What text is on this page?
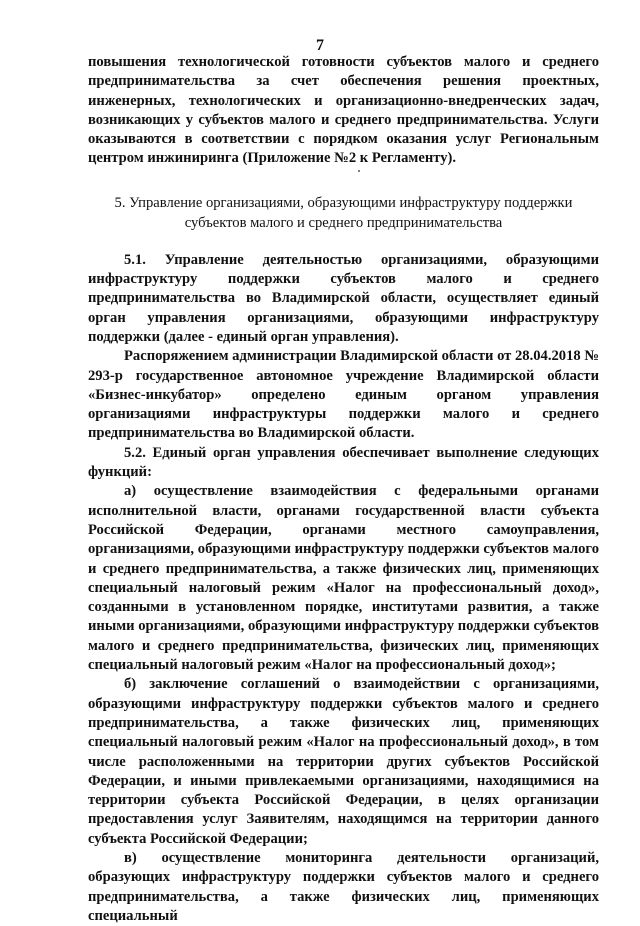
7

повышения технологической готовности субъектов малого и среднего предпринимательства за счет обеспечения решения проектных, инженерных, технологических и организационно-внедренческих задач, возникающих у субъектов малого и среднего предпринимательства. Услуги оказываются в соответствии с порядком оказания услуг Региональным центром инжиниринга (Приложение №2 к Регламенту).

5. Управление организациями, образующими инфраструктуру поддержки
субъектов малого и среднего предпринимательства

5.1. Управление деятельностью организациями, образующими инфраструктуру поддержки субъектов малого и среднего предпринимательства во Владимирской области, осуществляет единый орган управления организациями, образующими инфраструктуру поддержки (далее - единый орган управления).

Распоряжением администрации Владимирской области от 28.04.2018 № 293-р государственное автономное учреждение Владимирской области «Бизнес-инкубатор» определено единым органом управления организациями инфраструктуры поддержки малого и среднего предпринимательства во Владимирской области.

5.2. Единый орган управления обеспечивает выполнение следующих функций:

а) осуществление взаимодействия с федеральными органами исполнительной власти, органами государственной власти субъекта Российской Федерации, органами местного самоуправления, организациями, образующими инфраструктуру поддержки субъектов малого и среднего предпринимательства, а также физических лиц, применяющих специальный налоговый режим «Налог на профессиональный доход», созданными в установленном порядке, институтами развития, а также иными организациями, образующими инфраструктуру поддержки субъектов малого и среднего предпринимательства, физических лиц, применяющих специальный налоговый режим «Налог на профессиональный доход»;

б) заключение соглашений о взаимодействии с организациями, образующими инфраструктуру поддержки субъектов малого и среднего предпринимательства, а также физических лиц, применяющих специальный налоговый режим «Налог на профессиональный доход», в том числе расположенными на территории других субъектов Российской Федерации, и иными привлекаемыми организациями, находящимися на территории субъекта Российской Федерации, в целях организации предоставления услуг Заявителям, находящимся на территории данного субъекта Российской Федерации;

в) осуществление мониторинга деятельности организаций, образующих инфраструктуру поддержки субъектов малого и среднего предпринимательства, а также физических лиц, применяющих специальный
